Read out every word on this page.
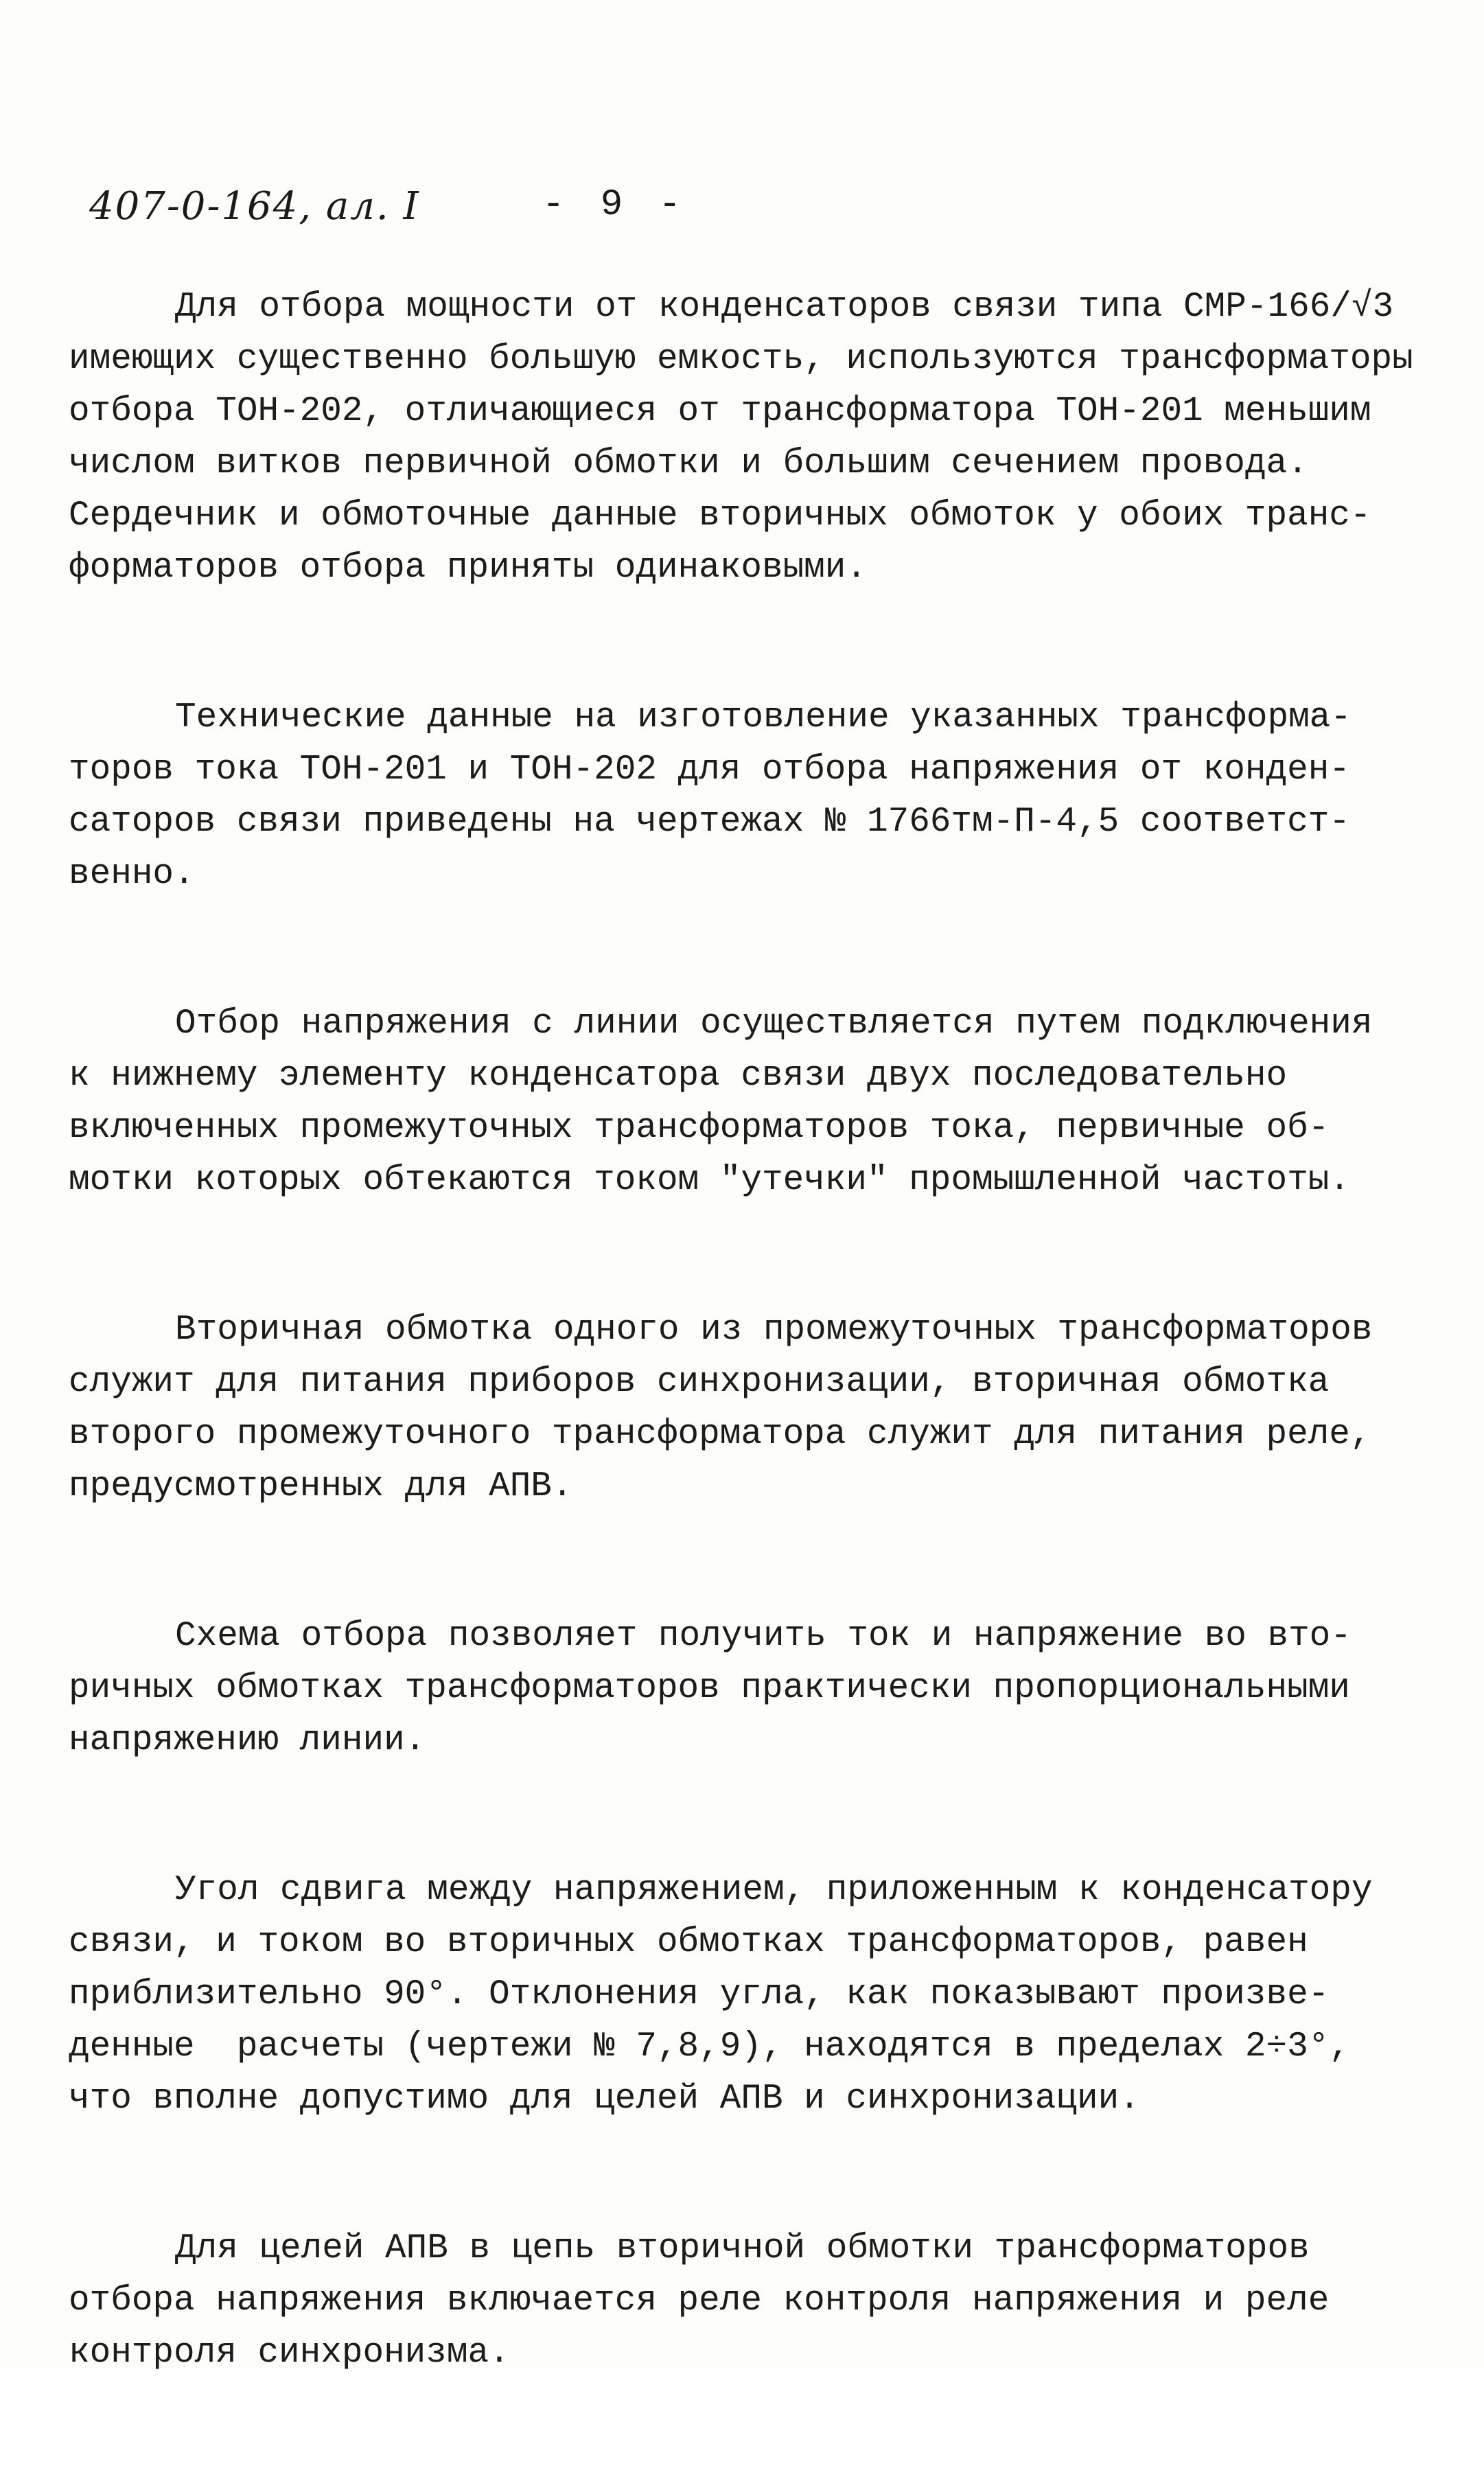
407-0-164, ал. I	- 9 -

Для отбора мощности от конденсаторов связи типа СМР-166/√3
имеющих существенно большую емкость, используются трансформаторы
отбора ТОН-202, отличающиеся от трансформатора ТОН-201 меньшим
числом витков первичной обмотки и большим сечением провода.
Сердечник и обмоточные данные вторичных обмоток у обоих транс-
форматоров отбора приняты одинаковыми.

Технические данные на изготовление указанных трансформа-
торов тока ТОН-201 и ТОН-202 для отбора напряжения от конден-
саторов связи приведены на чертежах № 1766тм-П-4,5 соответст-
венно.

Отбор напряжения с линии осуществляется путем подключения
к нижнему элементу конденсатора связи двух последовательно
включенных промежуточных трансформаторов тока, первичные об-
мотки которых обтекаются током "утечки" промышленной частоты.

Вторичная обмотка одного из промежуточных трансформаторов
служит для питания приборов синхронизации, вторичная обмотка
второго промежуточного трансформатора служит для питания реле,
предусмотренных для АПВ.

Схема отбора позволяет получить ток и напряжение во вто-
ричных обмотках трансформаторов практически пропорциональными
напряжению линии.

Угол сдвига между напряжением, приложенным к конденсатору
связи, и током во вторичных обмотках трансформаторов, равен
приблизительно 90°. Отклонения угла, как показывают произве-
денные  расчеты (чертежи № 7,8,9), находятся в пределах 2÷3°,
что вполне допустимо для целей АПВ и синхронизации.

Для целей АПВ в цепь вторичной обмотки трансформаторов
отбора напряжения включается реле контроля напряжения и реле
контроля синхронизма.
